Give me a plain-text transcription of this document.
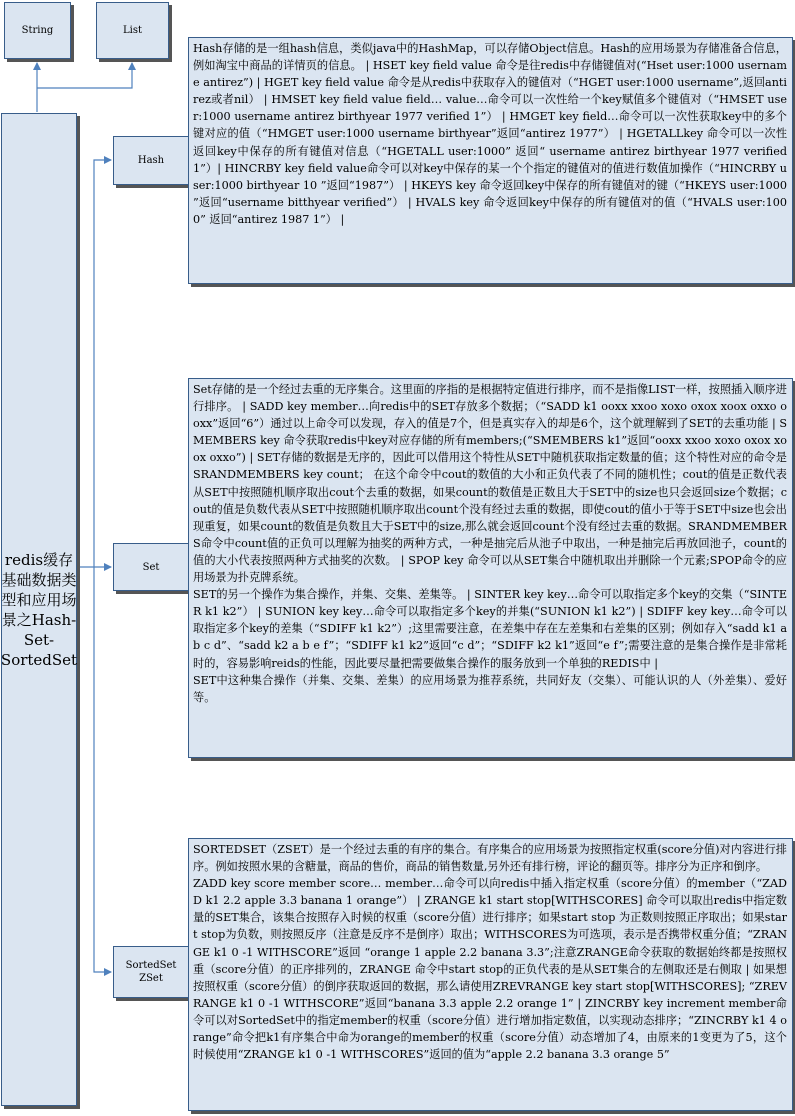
String	List
redis缓存基础数据类型和应用场景之Hash-Set-SortedSet
Hash
Set
SortedSet
ZSet

Hash存储的是一组hash信息，类似java中的HashMap，可以存储Object信息。Hash的应用场景为存储准备合信息，例如淘宝中商品的详情页的信息。 | HSET key field value 命令是往redis中存储键值对(“Hset user:1000 username antirez”) | HGET key field value 命令是从redis中获取存入的键值对（“HGET user:1000 username”,返回antirez或者nil） | HMSET key field value field… value…命令可以一次性给一个key赋值多个键值对（“HMSET user:1000 username antirez birthyear 1977 verified 1”） | HMGET key field…命令可以一次性获取key中的多个键对应的值（“HMGET user:1000 username birthyear”返回“antirez 1977”） | HGETALLkey 命令可以一次性返回key中保存的所有键值对信息（“HGETALL user:1000” 返回“ username antirez birthyear 1977 verified 1”）| HINCRBY key field value命令可以对key中保存的某一个个指定的键值对的值进行数值加操作（“HINCRBY user:1000 birthyear 10 ”返回“1987”） | HKEYS key 命令返回key中保存的所有键值对的键（“HKEYS user:1000 ”返回“username bitthyear verified”） | HVALS key 命令返回key中保存的所有键值对的值（“HVALS user:1000” 返回“antirez 1987 1”） |

Set存储的是一个经过去重的无序集合。这里面的序指的是根据特定值进行排序，而不是指像LIST一样，按照插入顺序进行排序。 | SADD key member…向redis中的SET存放多个数据；（“SADD k1 ooxx xxoo xoxo oxox xoox oxxo ooxx”返回“6”）通过以上命令可以发现，存入的值是7个，但是真实存入的却是6个，这个就理解到了SET的去重功能 | SMEMBERS key 命令获取redis中key对应存储的所有members;(“SMEMBERS k1”返回“ooxx xxoo xoxo oxox xoox oxxo”) | SET存储的数据是无序的，因此可以借用这个特性从SET中随机获取指定数量的值；这个特性对应的命令是SRANDMEMBERS key count； 在这个命令中cout的数值的大小和正负代表了不同的随机性；cout的值是正数代表从SET中按照随机顺序取出cout个去重的数据，如果count的数值是正数且大于SET中的size也只会返回size个数据；cout的值是负数代表从SET中按照随机顺序取出count个没有经过去重的数据，即使cout的值小于等于SET中size也会出现重复，如果count的数值是负数且大于SET中的size,那么就会返回count个没有经过去重的数据。SRANDMEMBERS命令中count值的正负可以理解为抽奖的两种方式，一种是抽完后从池子中取出，一种是抽完后再放回池子，count的值的大小代表按照两种方式抽奖的次数。 | SPOP key 命令可以从SET集合中随机取出并删除一个元素;SPOP命令的应用场景为扑克牌系统。

SET的另一个操作为集合操作，并集、交集、差集等。 | SINTER key key…命令可以取指定多个key的交集（“SINTER k1 k2”） | SUNION key key…命令可以取指定多个key的并集(“SUNION k1 k2”) | SDIFF key key…命令可以取指定多个key的差集（“SDIFF k1 k2”）;这里需要注意，在差集中存在左差集和右差集的区别；例如存入“sadd k1 a b c d”、“sadd k2 a b e f”；“SDIFF k1 k2”返回“c d”；“SDIFF k2 k1”返回“e f”;需要注意的是集合操作是非常耗时的，容易影响reids的性能，因此要尽量把需要做集合操作的服务放到一个单独的REDIS中 |

SET中这种集合操作（并集、交集、差集）的应用场景为推荐系统，共同好友（交集）、可能认识的人（外差集）、爱好等。

SORTEDSET（ZSET）是一个经过去重的有序的集合。有序集合的应用场景为按照指定权重(score分值)对内容进行排序。例如按照水果的含糖量，商品的售价，商品的销售数量,另外还有排行榜，评论的翻页等。排序分为正序和倒序。

ZADD key score member score… member…命令可以向redis中插入指定权重（score分值）的member（“ZADD k1 2.2 apple 3.3 banana 1 orange”） | ZRANGE k1 start stop[WITHSCORES] 命令可以取出redis中指定数量的SET集合，该集合按照存入时候的权重（score分值）进行排序；如果start stop 为正数则按照正序取出；如果start stop为负数，则按照反序（注意是反序不是倒序）取出；WITHSCORES为可选项，表示是否携带权重分值；“ZRANGE k1 0 -1 WITHSCORE”返回 “orange 1 apple 2.2 banana 3.3”;注意ZRANGE命令获取的数据始终都是按照权重（score分值）的正序排列的，ZRANGE 命令中start stop的正负代表的是从SET集合的左侧取还是右侧取 | 如果想按照权重（score分值）的倒序获取返回的数据，那么请使用ZREVRANGE key start stop[WITHSCORES]; “ZREVRANGE k1 0 -1 WITHSCORE”返回“banana 3.3 apple 2.2 orange 1” | ZINCRBY key increment member命令可以对SortedSet中的指定member的权重（score分值）进行增加指定数值，以实现动态排序；“ZINCRBY k1 4 orange”命令把k1有序集合中命为orange的member的权重（score分值）动态增加了4，由原来的1变更为了5，这个时候使用“ZRANGE k1 0 -1 WITHSCORES”返回的值为“apple 2.2 banana 3.3 orange 5”
